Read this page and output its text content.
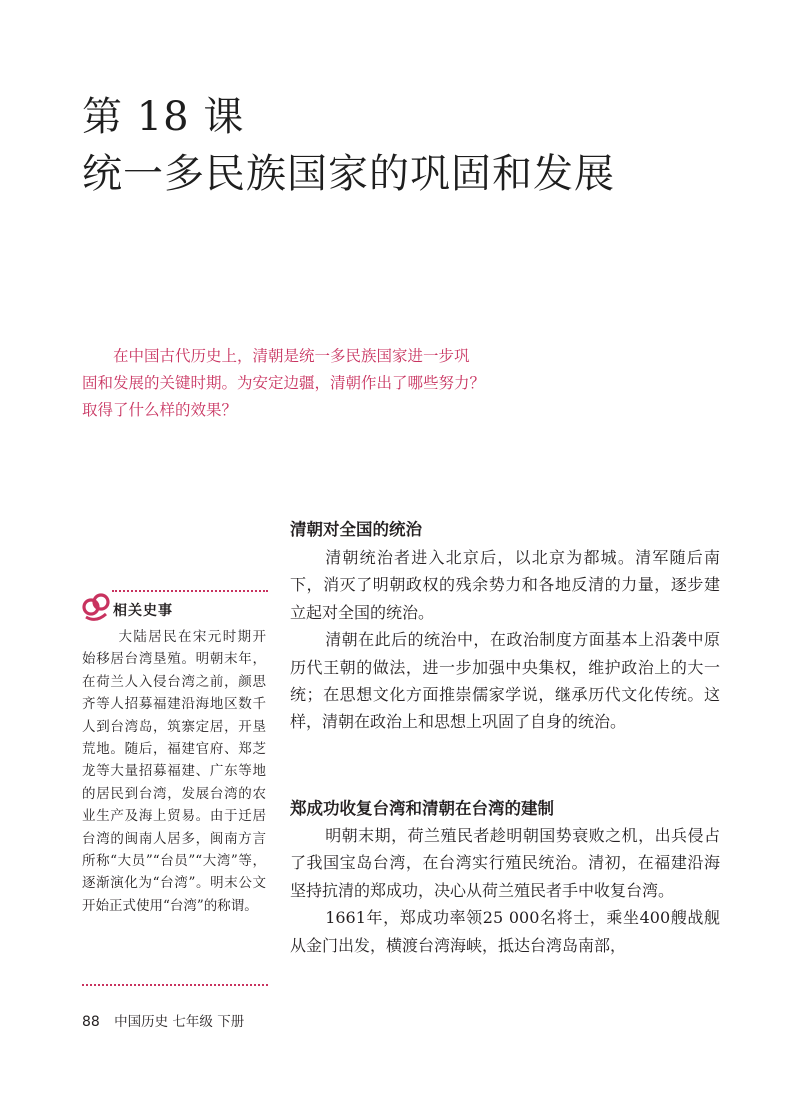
第 18 课
统一多民族国家的巩固和发展

在中国古代历史上，清朝是统一多民族国家进一步巩

固和发展的关键时期。为安定边疆，清朝作出了哪些努力？

取得了什么样的效果？

相关史事

大陆居民在宋元时期开始移居台湾垦殖。明朝末年，在荷兰人入侵台湾之前，颜思齐等人招募福建沿海地区数千人到台湾岛，筑寨定居，开垦荒地。随后，福建官府、郑芝龙等大量招募福建、广东等地的居民到台湾，发展台湾的农业生产及海上贸易。由于迁居台湾的闽南人居多，闽南方言所称“大员”“台员”“大湾”等，逐渐演化为“台湾”。明末公文开始正式使用“台湾”的称谓。

清朝对全国的统治

清朝统治者进入北京后，以北京为都城。清军随后南下，消灭了明朝政权的残余势力和各地反清的力量，逐步建立起对全国的统治。

清朝在此后的统治中，在政治制度方面基本上沿袭中原历代王朝的做法，进一步加强中央集权，维护政治上的大一统；在思想文化方面推崇儒家学说，继承历代文化传统。这样，清朝在政治上和思想上巩固了自身的统治。

郑成功收复台湾和清朝在台湾的建制

明朝末期，荷兰殖民者趁明朝国势衰败之机，出兵侵占了我国宝岛台湾，在台湾实行殖民统治。清初，在福建沿海坚持抗清的郑成功，决心从荷兰殖民者手中收复台湾。

1661年，郑成功率领25 000名将士，乘坐400艘战舰从金门出发，横渡台湾海峡，抵达台湾岛南部，

88 中国历史 七年级 下册
